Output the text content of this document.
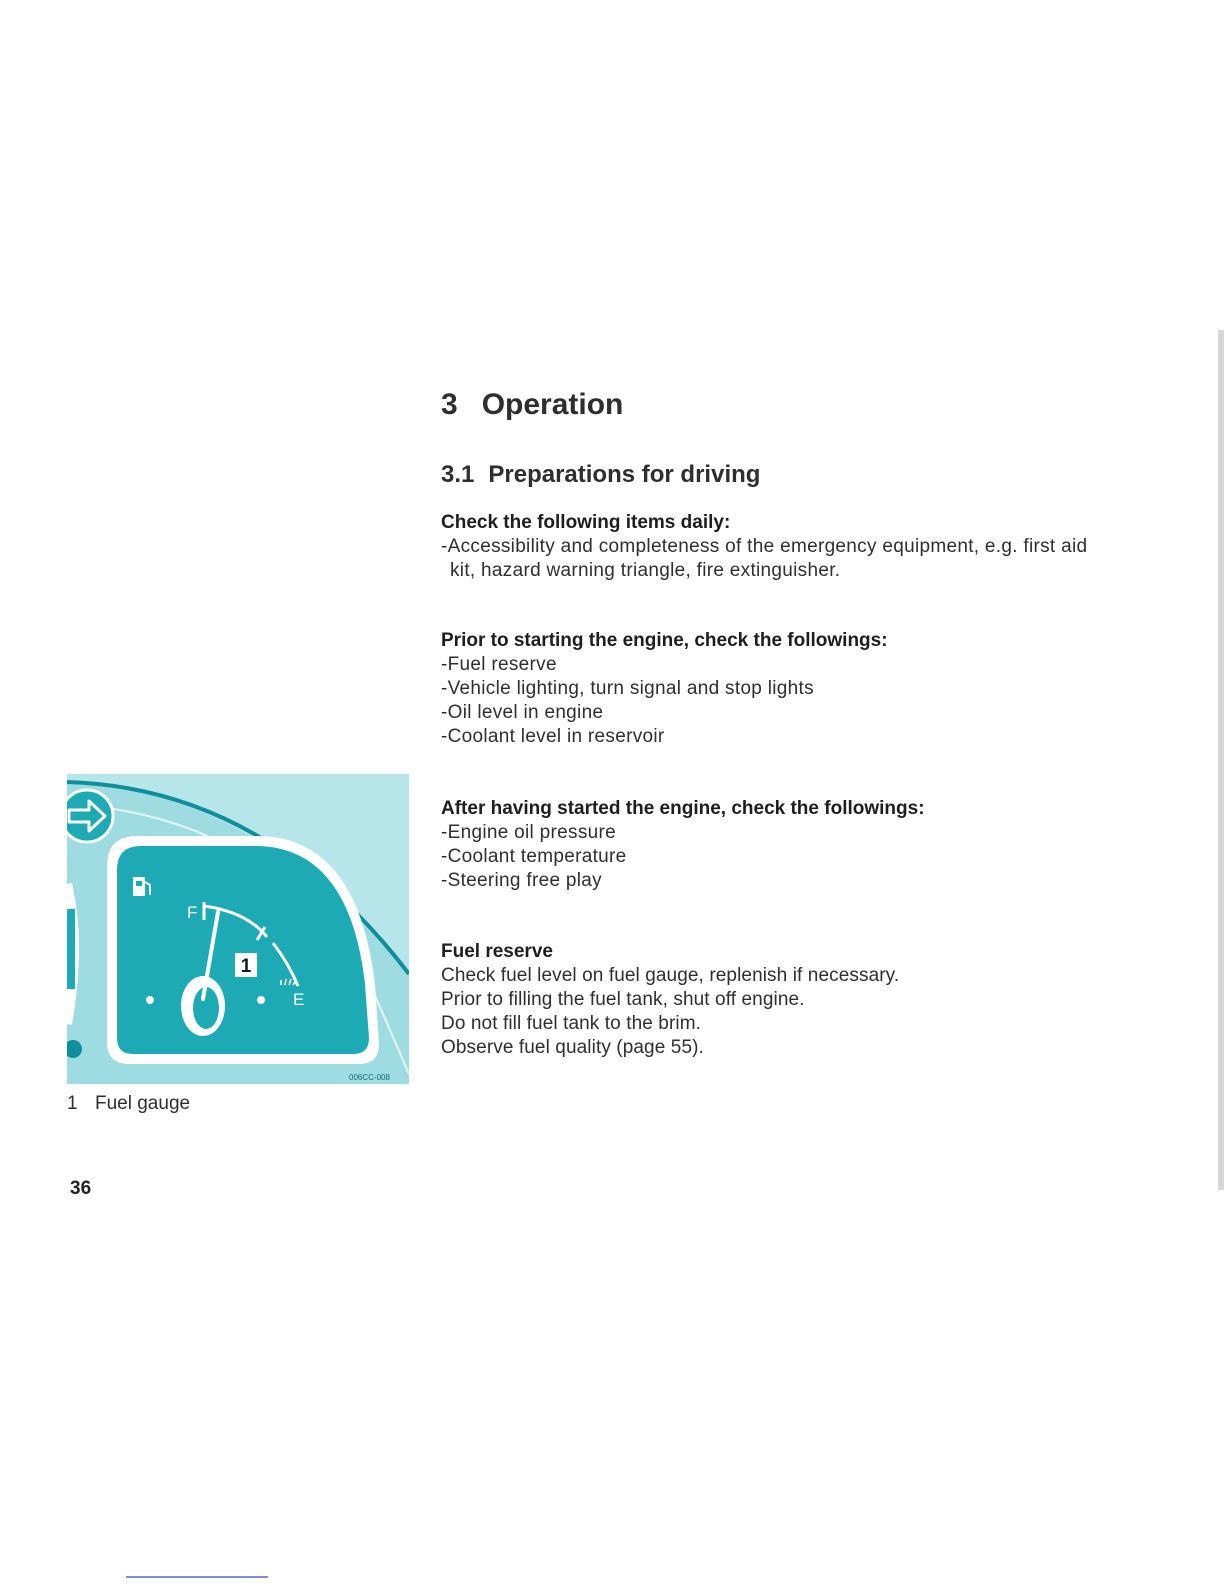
3 Operation
3.1 Preparations for driving
Check the following items daily:
-Accessibility and completeness of the emergency equipment, e.g. first aid
kit, hazard warning triangle, fire extinguisher.
Prior to starting the engine, check the followings:
-Fuel reserve
-Vehicle lighting, turn signal and stop lights
-Oil level in engine
-Coolant level in reservoir
After having started the engine, check the followings:
-Engine oil pressure
-Coolant temperature
-Steering free play
Fuel reserve
Check fuel level on fuel gauge, replenish if necessary.
Prior to filling the fuel tank, shut off engine.
Do not fill fuel tank to the brim.
Observe fuel quality (page 55).
F
E
1
006CC-008
1 Fuel gauge
36
